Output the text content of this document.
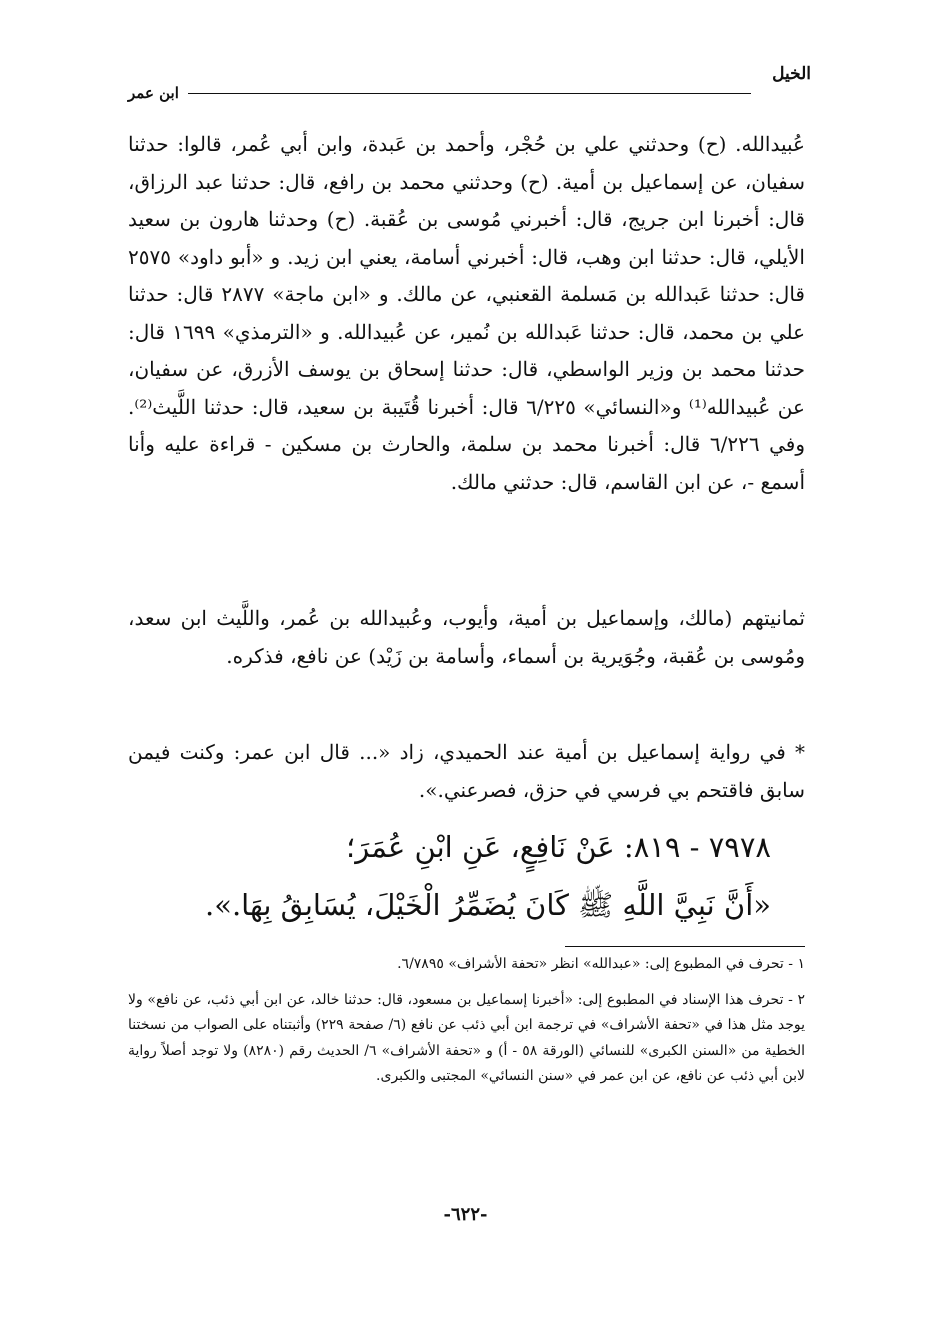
الخيل
ابن عمر

عُبيدالله. (ح) وحدثني علي بن حُجْر، وأحمد بن عَبدة، وابن أبي عُمر، قالوا: حدثنا سفيان، عن إسماعيل بن أمية. (ح) وحدثني محمد بن رافع، قال: حدثنا عبد الرزاق، قال: أخبرنا ابن جريج، قال: أخبرني مُوسى بن عُقبة. (ح) وحدثنا هارون بن سعيد الأيلي، قال: حدثنا ابن وهب، قال: أخبرني أسامة، يعني ابن زيد. و «أبو داود» ٢٥٧٥ قال: حدثنا عَبدالله بن مَسلمة القعنبي، عن مالك. و «ابن ماجة» ٢٨٧٧ قال: حدثنا علي بن محمد، قال: حدثنا عَبدالله بن نُمير، عن عُبيدالله. و «الترمذي» ١٦٩٩ قال: حدثنا محمد بن وزير الواسطي، قال: حدثنا إسحاق بن يوسف الأزرق، عن سفيان، عن عُبيدالله⁽¹⁾ و«النسائي» ٦/٢٢٥ قال: أخبرنا قُتَيبة بن سعيد، قال: حدثنا اللَّيث⁽²⁾. وفي ٦/٢٢٦ قال: أخبرنا محمد بن سلمة، والحارث بن مسكين - قراءة عليه وأنا أسمع -، عن ابن القاسم، قال: حدثني مالك.

ثمانيتهم (مالك، وإسماعيل بن أمية، وأيوب، وعُبيدالله بن عُمر، واللَّيث ابن سعد، ومُوسى بن عُقبة، وجُوَيرية بن أسماء، وأسامة بن زَيْد) عن نافع، فذكره.

* في رواية إسماعيل بن أمية عند الحميدي، زاد «... قال ابن عمر: وكنت فيمن سابق فاقتحم بي فرسي في حزق، فصرعني.».

٧٩٧٨ - ٨١٩: عَنْ نَافِعٍ، عَنِ ابْنِ عُمَرَ؛
«أَنَّ نَبِيَّ اللَّهِ ﷺ كَانَ يُضَمِّرُ الْخَيْلَ، يُسَابِقُ بِهَا.».

١ - تحرف في المطبوع إلى: «عبدالله» انظر «تحفة الأشراف» ٦/٧٨٩٥.

٢ - تحرف هذا الإسناد في المطبوع إلى: «أخبرنا إسماعيل بن مسعود، قال: حدثنا خالد، عن ابن أبي ذئب، عن نافع» ولا يوجد مثل هذا في «تحفة الأشراف» في ترجمة ابن أبي ذئب عن نافع (٦/ صفحة ٢٢٩) وأثبتناه على الصواب من نسختنا الخطية من «السنن الكبرى» للنسائي (الورقة ٥٨ - أ) و «تحفة الأشراف» ٦/ الحديث رقم (٨٢٨٠) ولا توجد أصلاً رواية لابن أبي ذئب عن نافع، عن ابن عمر في «سنن النسائي» المجتبى والكبرى.

-٦٢٢-
